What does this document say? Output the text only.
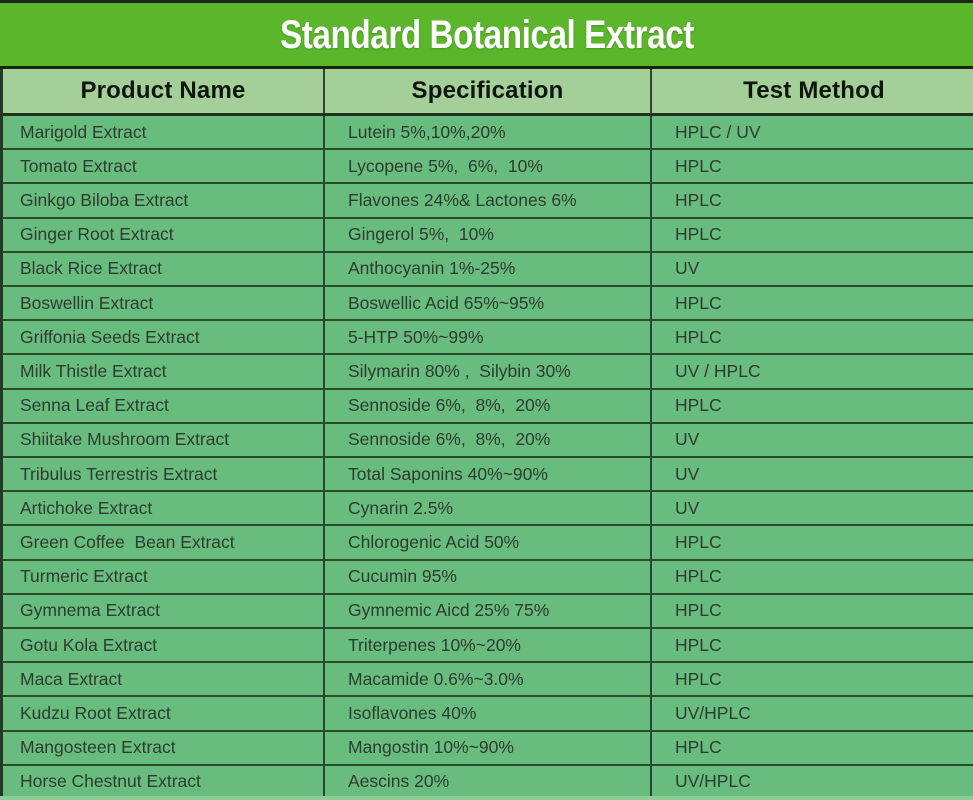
Standard Botanical Extract
Product Name	Specification	Test Method
Marigold Extract	Lutein 5%,10%,20%	HPLC / UV
Tomato Extract	Lycopene 5%,  6%,  10%	HPLC
Ginkgo Biloba Extract	Flavones 24%& Lactones 6%	HPLC
Ginger Root Extract	Gingerol 5%,  10%	HPLC
Black Rice Extract	Anthocyanin 1%-25%	UV
Boswellin Extract	Boswellic Acid 65%~95%	HPLC
Griffonia Seeds Extract	5-HTP 50%~99%	HPLC
Milk Thistle Extract	Silymarin 80% ,  Silybin 30%	UV / HPLC
Senna Leaf Extract	Sennoside 6%,  8%,  20%	HPLC
Shiitake Mushroom Extract	Sennoside 6%,  8%,  20%	UV
Tribulus Terrestris Extract	Total Saponins 40%~90%	UV
Artichoke Extract	Cynarin 2.5%	UV
Green Coffee  Bean Extract	Chlorogenic Acid 50%	HPLC
Turmeric Extract	Cucumin 95%	HPLC
Gymnema Extract	Gymnemic Aicd 25% 75%	HPLC
Gotu Kola Extract	Triterpenes 10%~20%	HPLC
Maca Extract	Macamide 0.6%~3.0%	HPLC
Kudzu Root Extract	Isoflavones 40%	UV/HPLC
Mangosteen Extract	Mangostin 10%~90%	HPLC
Horse Chestnut Extract	Aescins 20%	UV/HPLC
